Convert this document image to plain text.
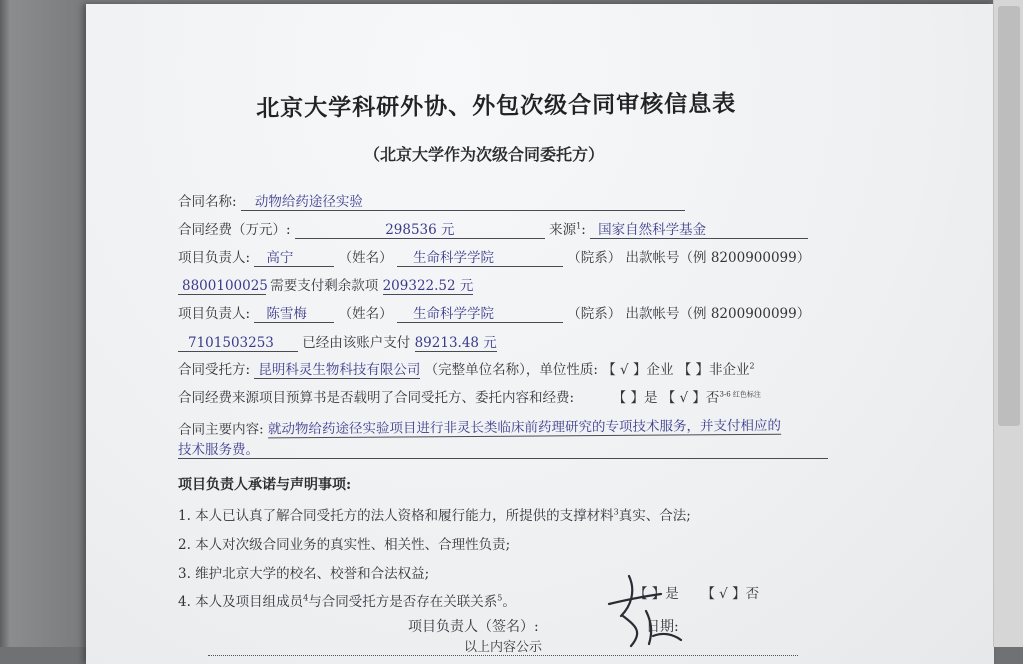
北京大学科研外协、外包次级合同审核信息表
（北京大学作为次级合同委托方）
合同名称: 动物给药途径实验
合同经费（万元）:	298536 元	来源$^1$: 国家自然科学基金
项目负责人: 高宁	（姓名） 生命科学学院	（院系） 出款帐号（例 8200900099）
8800100025 需要支付剩余款项 209322.52 元
项目负责人: 陈雪梅 （姓名） 生命科学学院	（院系） 出款帐号（例 8200900099）
7101503253 已经由该账户支付 89213.48 元
合同受托方: 昆明科灵生物科技有限公司 （完整单位名称），单位性质: 【 √ 】企业 【 】非企业$^2$
合同经费来源项目预算书是否载明了合同受托方、委托内容和经费:	【 】是 【 √ 】否$^{3-6 红色标注}$
合同主要内容: 就动物给药途径实验项目进行非灵长类临床前药理研究的专项技术服务，并支付相应的
技术服务费。
项目负责人承诺与声明事项:
1. 本人已认真了解合同受托方的法人资格和履行能力，所提供的支撑材料$^3$真实、合法;
2. 本人对次级合同业务的真实性、相关性、合理性负责;
3. 维护北京大学的校名、校誉和合法权益;
4. 本人及项目组成员$^4$与合同受托方是否存在关联关系$^5$。	【 】是 【 √ 】否
项目负责人（签名）:	日期:
以上内容公示
